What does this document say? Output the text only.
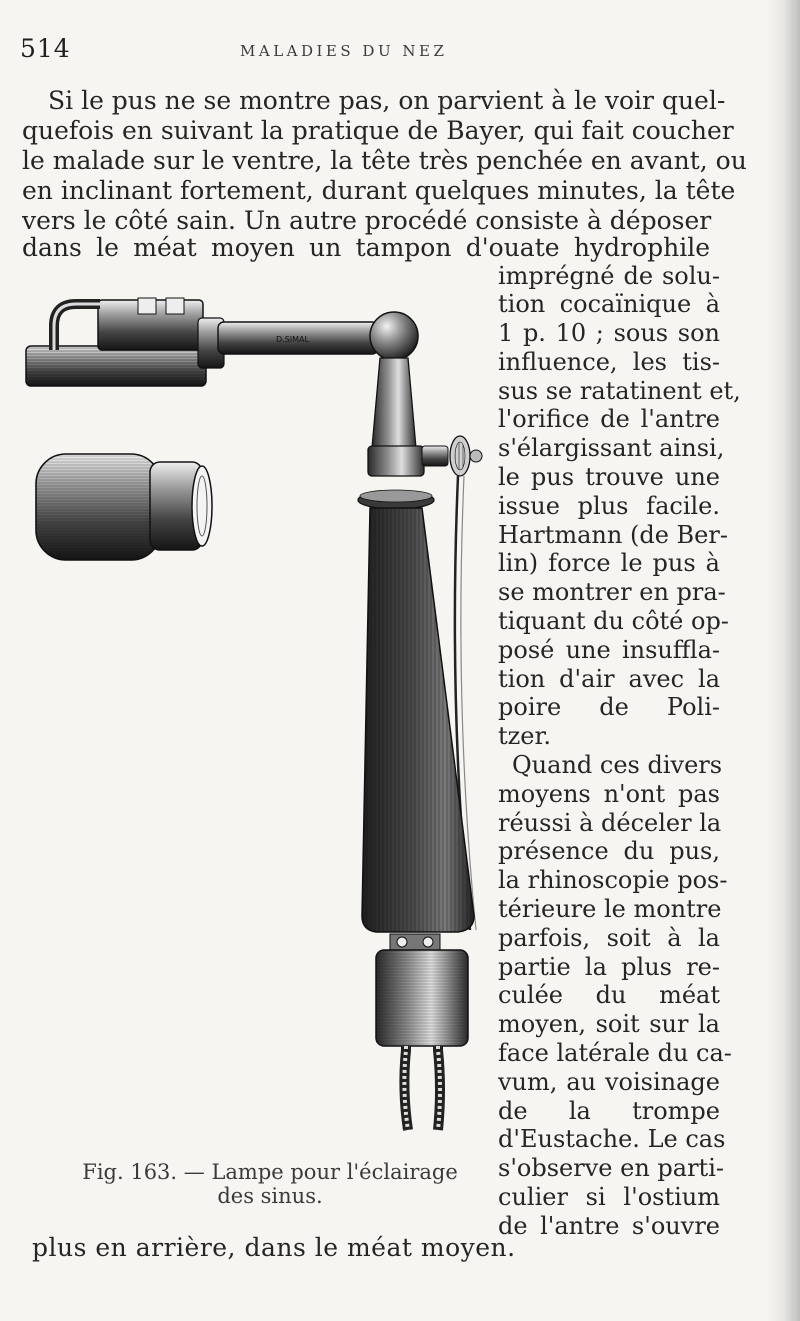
514	MALADIES DU NEZ
Si le pus ne se montre pas, on parvient à le voir quel-
quefois en suivant la pratique de Bayer, qui fait coucher
le malade sur le ventre, la tête très penchée en avant, ou
en inclinant fortement, durant quelques minutes, la tête
vers le côté sain. Un autre procédé consiste à déposer
dans le méat moyen un tampon d'ouate hydrophile
imprégné de solu-
tion cocaïnique à
1 p. 10 ; sous son
influence, les tis-
sus se ratatinent et,
l'orifice de l'antre
s'élargissant ainsi,
le pus trouve une
issue plus facile.
Hartmann (de Ber-
lin) force le pus à
se montrer en pra-
tiquant du côté op-
posé une insuffla-
tion d'air avec la
poire de Poli-
tzer.
Quand ces divers
moyens n'ont pas
réussi à déceler la
présence du pus,
la rhinoscopie pos-
térieure le montre
parfois, soit à la
partie la plus re-
culée du méat
moyen, soit sur la
face latérale du ca-
vum, au voisinage
de la trompe
d'Eustache. Le cas
s'observe en parti-
culier si l'ostium
de l'antre s'ouvre
plus en arrière, dans le méat moyen.
D.SIMAL
Fig. 163. — Lampe pour l'éclairage
des sinus.
